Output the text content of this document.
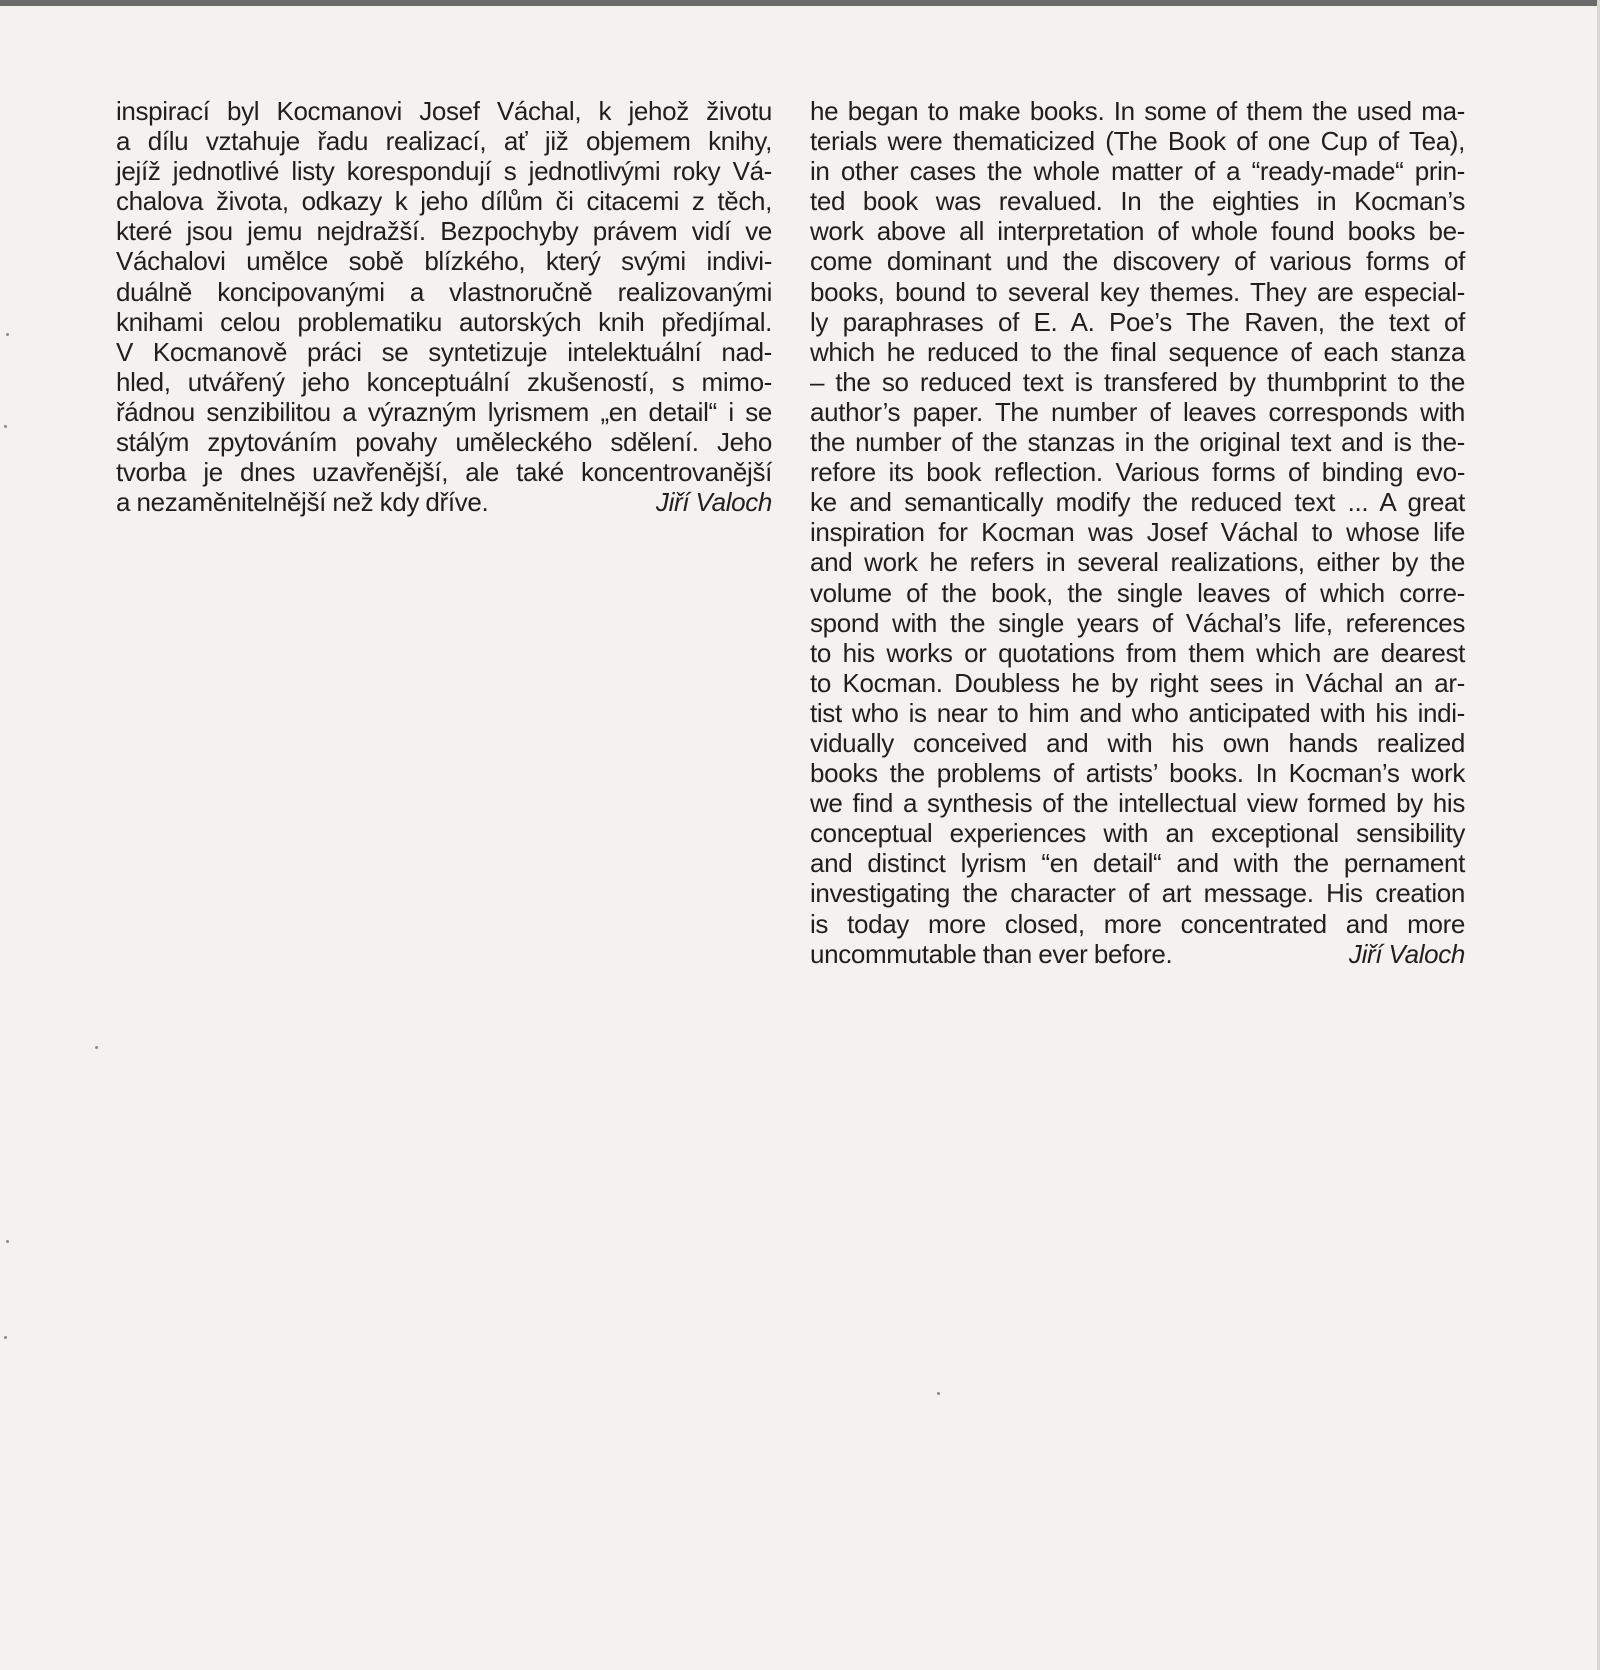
inspirací byl Kocmanovi Josef Váchal, k jehož životu
a dílu vztahuje řadu realizací, ať již objemem knihy,
jejíž jednotlivé listy korespondují s jednotlivými roky Vá-
chalova života, odkazy k jeho dílům či citacemi z těch,
které jsou jemu nejdražší. Bezpochyby právem vidí ve
Váchalovi umělce sobě blízkého, který svými indivi-
duálně koncipovanými a vlastnoručně realizovanými
knihami celou problematiku autorských knih předjímal.
V Kocmanově práci se syntetizuje intelektuální nad-
hled, utvářený jeho konceptuální zkušeností, s mimo-
řádnou senzibilitou a výrazným lyrismem „en detail“ i se
stálým zpytováním povahy uměleckého sdělení. Jeho
tvorba je dnes uzavřenější, ale také koncentrovanější
a nezaměnitelnější než kdy dříve.	Jiří Valoch
he began to make books. In some of them the used ma-
terials were thematicized (The Book of one Cup of Tea),
in other cases the whole matter of a “ready-made“ prin-
ted book was revalued. In the eighties in Kocman’s
work above all interpretation of whole found books be-
come dominant und the discovery of various forms of
books, bound to several key themes. They are especial-
ly paraphrases of E. A. Poe’s The Raven, the text of
which he reduced to the final sequence of each stanza
– the so reduced text is transfered by thumbprint to the
author’s paper. The number of leaves corresponds with
the number of the stanzas in the original text and is the-
refore its book reflection. Various forms of binding evo-
ke and semantically modify the reduced text ... A great
inspiration for Kocman was Josef Váchal to whose life
and work he refers in several realizations, either by the
volume of the book, the single leaves of which corre-
spond with the single years of Váchal’s life, references
to his works or quotations from them which are dearest
to Kocman. Doubless he by right sees in Váchal an ar-
tist who is near to him and who anticipated with his indi-
vidually conceived and with his own hands realized
books the problems of artists’ books. In Kocman’s work
we find a synthesis of the intellectual view formed by his
conceptual experiences with an exceptional sensibility
and distinct lyrism “en detail“ and with the pernament
investigating the character of art message. His creation
is today more closed, more concentrated and more
uncommutable than ever before.	Jiří Valoch
